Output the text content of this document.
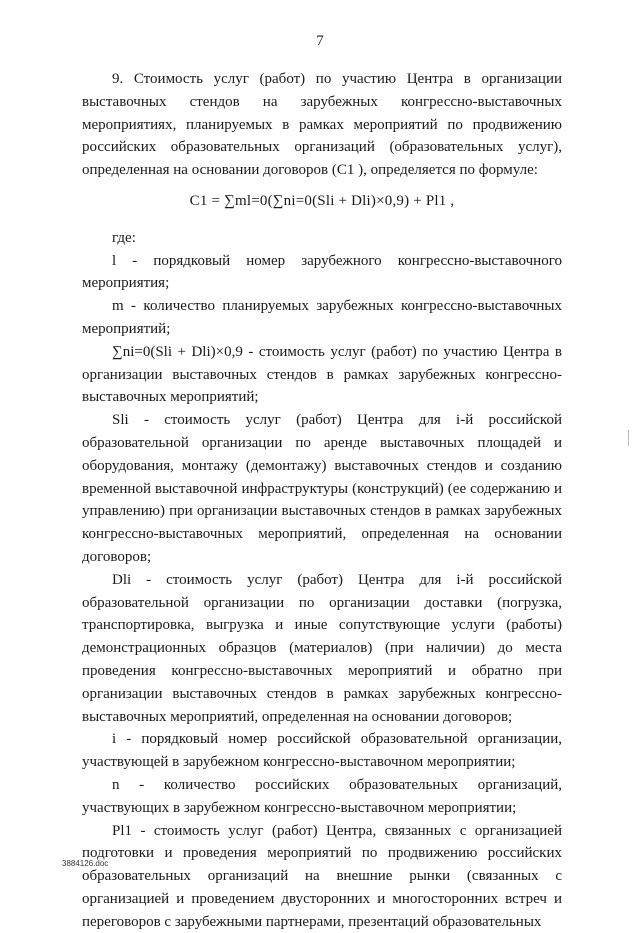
7

9. Стоимость услуг (работ) по участию Центра в организации выставочных стендов на зарубежных конгрессно-выставочных мероприятиях, планируемых в рамках мероприятий по продвижению российских образовательных организаций (образовательных услуг), определенная на основании договоров (C1 ), определяется по формуле:

C1 = ∑ml=0(∑ni=0(Sli + Dli)×0,9) + Pl1 ,

где:

l - порядковый номер зарубежного конгрессно-выставочного мероприятия;

m - количество планируемых зарубежных конгрессно-выставочных мероприятий;

∑ni=0(Sli + Dli)×0,9 - стоимость услуг (работ) по участию Центра в организации выставочных стендов в рамках зарубежных конгрессно-выставочных мероприятий;

Sli - стоимость услуг (работ) Центра для i-й российской образовательной организации по аренде выставочных площадей и оборудования, монтажу (демонтажу) выставочных стендов и созданию временной выставочной инфраструктуры (конструкций) (ее содержанию и управлению) при организации выставочных стендов в рамках зарубежных конгрессно-выставочных мероприятий, определенная на основании договоров;

Dli - стоимость услуг (работ) Центра для i-й российской образовательной организации по организации доставки (погрузка, транспортировка, выгрузка и иные сопутствующие услуги (работы) демонстрационных образцов (материалов) (при наличии) до места проведения конгрессно-выставочных мероприятий и обратно при организации выставочных стендов в рамках зарубежных конгрессно-выставочных мероприятий, определенная на основании договоров;

i - порядковый номер российской образовательной организации, участвующей в зарубежном конгрессно-выставочном мероприятии;

n - количество российских образовательных организаций, участвующих в зарубежном конгрессно-выставочном мероприятии;

Pl1 - стоимость услуг (работ) Центра, связанных с организацией подготовки и проведения мероприятий по продвижению российских образовательных организаций на внешние рынки (связанных с организацией и проведением двусторонних и многосторонних встреч и переговоров с зарубежными партнерами, презентаций образовательных

3884126.doc
